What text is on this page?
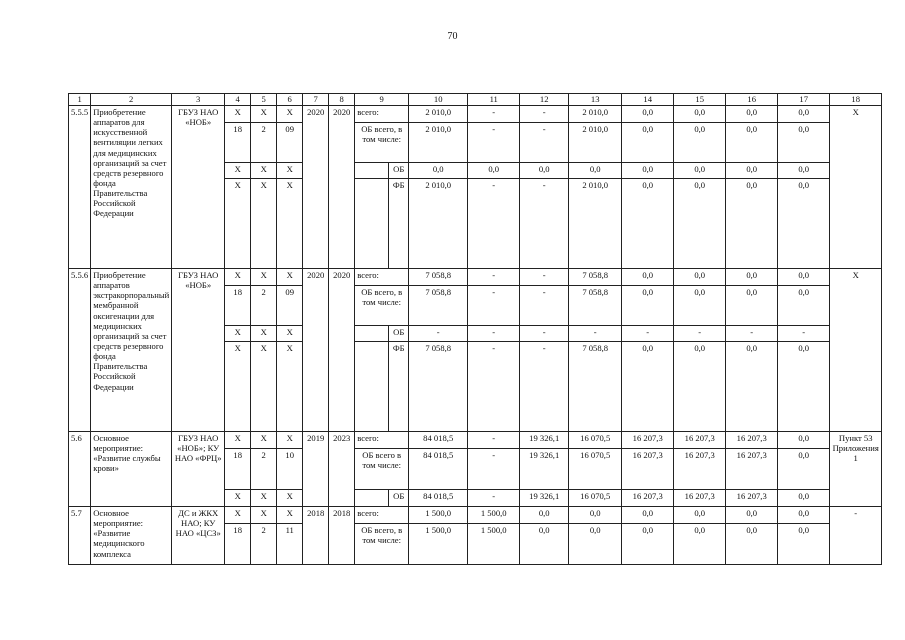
70
1	2	3	4	5	6	7	8	9		10	11	12	13	14	15	16	17	18
5.5.5	Приобретение аппаратов для искусственной вентиляции легких для медицинских организаций за счет средств резервного фонда Правительства Российской Федерации	ГБУЗ НАО «НОБ»	Х	Х	Х	2020	2020	всего:		2 010,0	-	-	2 010,0	0,0	0,0	0,0	0,0	Х
			18	2	09			ОБ всего, в том числе:		2 010,0	-	-	2 010,0	0,0	0,0	0,0	0,0	
			Х	Х	Х				ОБ	0,0	0,0	0,0	0,0	0,0	0,0	0,0	0,0	
			Х	Х	Х				ФБ	2 010,0	-	-	2 010,0	0,0	0,0	0,0	0,0	
5.5.6	Приобретение аппаратов экстракорпоральный мембранной оксигенации для медицинских организаций за счет средств резервного фонда Правительства Российской Федерации	ГБУЗ НАО «НОБ»	Х	Х	Х	2020	2020	всего:		7 058,8	-	-	7 058,8	0,0	0,0	0,0	0,0	Х
			18	2	09			ОБ всего, в том числе:		7 058,8	-	-	7 058,8	0,0	0,0	0,0	0,0	
			Х	Х	Х				ОБ	-	-	-	-	-	-	-	-	
			Х	Х	Х				ФБ	7 058,8	-	-	7 058,8	0,0	0,0	0,0	0,0	
5.6	Основное мероприятие: «Развитие службы крови»	ГБУЗ НАО «НОБ»; КУ НАО «ФРЦ»	Х	Х	Х	2019	2023	всего:		84 018,5	-	19 326,1	16 070,5	16 207,3	16 207,3	16 207,3	0,0	Пункт 53 Приложения 1
			18	2	10			ОБ всего в том числе:		84 018,5	-	19 326,1	16 070,5	16 207,3	16 207,3	16 207,3	0,0	
			Х	Х	Х				ОБ	84 018,5	-	19 326,1	16 070,5	16 207,3	16 207,3	16 207,3	0,0	
5.7	Основное мероприятие: «Развитие медицинского комплекса	ДС и ЖКХ НАО; КУ НАО «ЦСЗ»	Х	Х	Х	2018	2018	всего:		1 500,0	1 500,0	0,0	0,0	0,0	0,0	0,0	0,0	-
			18	2	11			ОБ всего, в том числе:		1 500,0	1 500,0	0,0	0,0	0,0	0,0	0,0	0,0	
